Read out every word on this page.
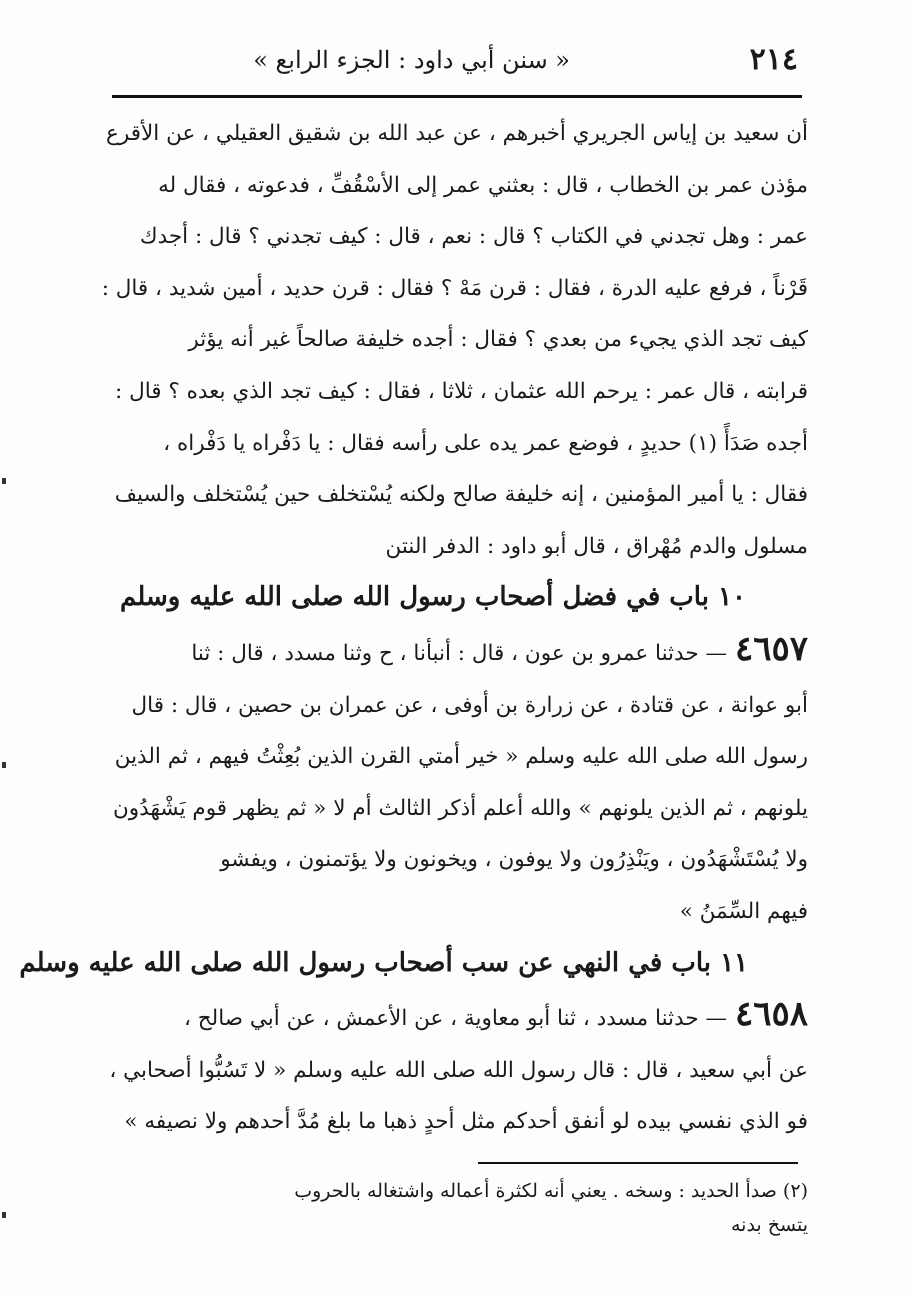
٢١٤
« سنن أبي داود : الجزء الرابع »
أن سعيد بن إياس الجريري أخبرهم ، عن عبد الله بن شقيق العقيلي ، عن الأقرع
مؤذن عمر بن الخطاب ، قال : بعثني عمر إلى الأسْقُفِّ ، فدعوته ، فقال له
عمر : وهل تجدني في الكتاب ؟ قال : نعم ، قال : كيف تجدني ؟ قال : أجدك
قَرْناً ، فرفع عليه الدرة ، فقال : قرن مَهْ ؟ فقال : قرن حديد ، أمين شديد ، قال :
كيف تجد الذي يجيء من بعدي ؟ فقال : أجده خليفة صالحاً غير أنه يؤثر
قرابته ، قال عمر : يرحم الله عثمان ، ثلاثا ، فقال : كيف تجد الذي بعده ؟ قال :
أجده صَدَأً (١) حديدٍ ، فوضع عمر يده على رأسه فقال : يا دَفْراه يا دَفْراه ،
فقال : يا أمير المؤمنين ، إنه خليفة صالح ولكنه يُسْتخلف حين يُسْتخلف والسيف
مسلول والدم مُهْراق ، قال أبو داود : الدفر النتن
١٠ باب في فضل أصحاب رسول الله صلى الله عليه وسلم
٤٦٥٧— حدثنا عمرو بن عون ، قال : أنبأنا ، ح وثنا مسدد ، قال : ثنا
أبو عوانة ، عن قتادة ، عن زرارة بن أوفى ، عن عمران بن حصين ، قال : قال
رسول الله صلى الله عليه وسلم « خير أمتي القرن الذين بُعِثْتُ فيهم ، ثم الذين
يلونهم ، ثم الذين يلونهم » والله أعلم أذكر الثالث أم لا « ثم يظهر قوم يَشْهَدُون
ولا يُسْتَشْهَدُون ، ويَنْذِرُون ولا يوفون ، ويخونون ولا يؤتمنون ، ويفشو
فيهم السِّمَنُ »
١١ باب في النهي عن سب أصحاب رسول الله صلى الله عليه وسلم
٤٦٥٨— حدثنا مسدد ، ثنا أبو معاوية ، عن الأعمش ، عن أبي صالح ،
عن أبي سعيد ، قال : قال رسول الله صلى الله عليه وسلم « لا تَسُبُّوا أصحابي ،
فو الذي نفسي بيده لو أنفق أحدكم مثل أحدٍ ذهبا ما بلغ مُدَّ أحدهم ولا نصيفه »
(٢) صدأ الحديد : وسخه . يعني أنه لكثرة أعماله واشتغاله بالحروب
يتسخ بدنه
